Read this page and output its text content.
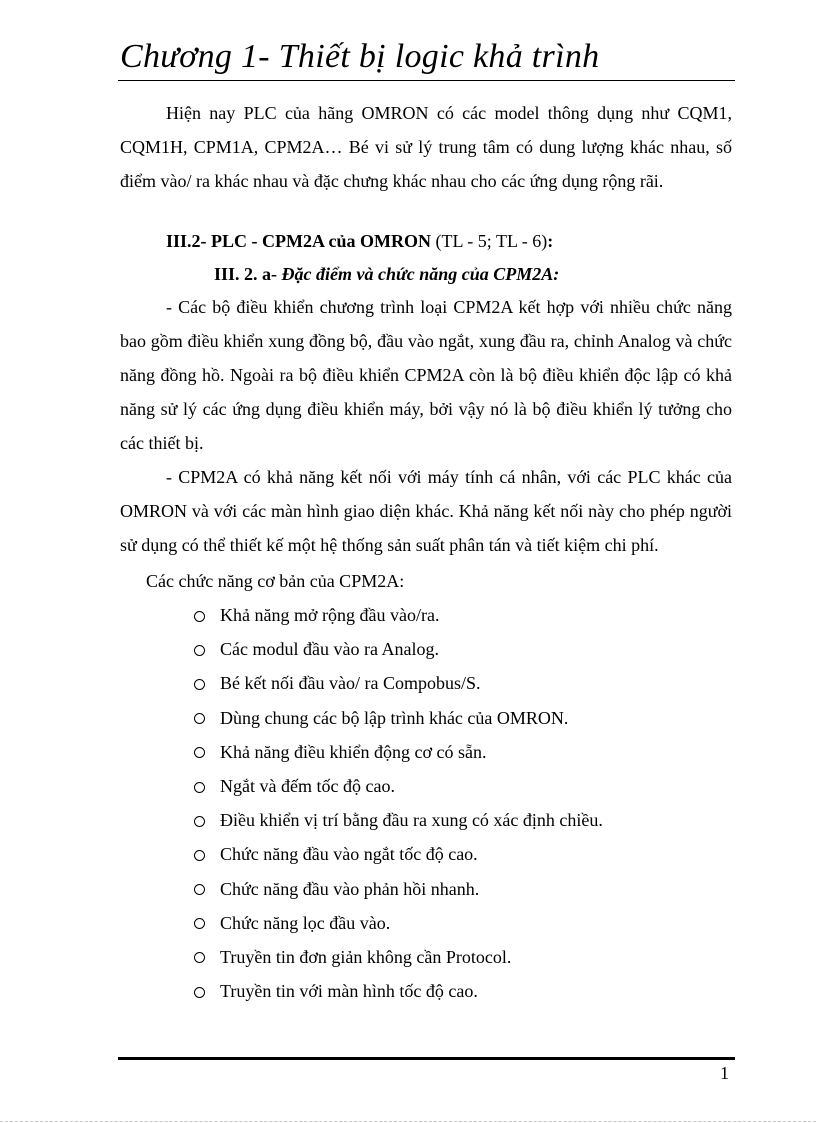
Chương 1- Thiết bị logic khả trình
Hiện nay PLC của hãng OMRON có các model thông dụng như CQM1, CQM1H, CPM1A, CPM2A… Bé vi sử lý trung tâm có dung lượng khác nhau, số điểm vào/ ra khác nhau và đặc chưng khác nhau cho các ứng dụng rộng rãi.
III.2- PLC - CPM2A của OMRON (TL - 5; TL - 6):
III. 2. a- Đặc điểm và chức năng của CPM2A:
- Các bộ điều khiển chương trình loại CPM2A kết hợp với nhiều chức năng bao gồm điều khiển xung đồng bộ, đầu vào ngắt, xung đầu ra, chỉnh Analog và chức năng đồng hồ. Ngoài ra bộ điều khiển CPM2A còn là bộ điều khiển độc lập có khả năng sử lý các ứng dụng điều khiển máy, bởi vậy nó là bộ điều khiển lý tưởng cho các thiết bị.
- CPM2A có khả năng kết nối với máy tính cá nhân, với các PLC khác của OMRON và với các màn hình giao diện khác. Khả năng kết nối này cho phép người sử dụng có thể thiết kế một hệ thống sản suất phân tán và tiết kiệm chi phí.
Các chức năng cơ bản của CPM2A:
Khả năng mở rộng đầu vào/ra.
Các modul đầu vào ra Analog.
Bé kết nối đầu vào/ ra Compobus/S.
Dùng chung các bộ lập trình khác của OMRON.
Khả năng điều khiển động cơ có sẵn.
Ngắt và đếm tốc độ cao.
Điều khiển vị trí bằng đầu ra xung có xác định chiều.
Chức năng đầu vào ngắt tốc độ cao.
Chức năng đầu vào phản hồi nhanh.
Chức năng lọc đầu vào.
Truyền tin đơn giản không cần Protocol.
Truyền tin với màn hình tốc độ cao.
1
